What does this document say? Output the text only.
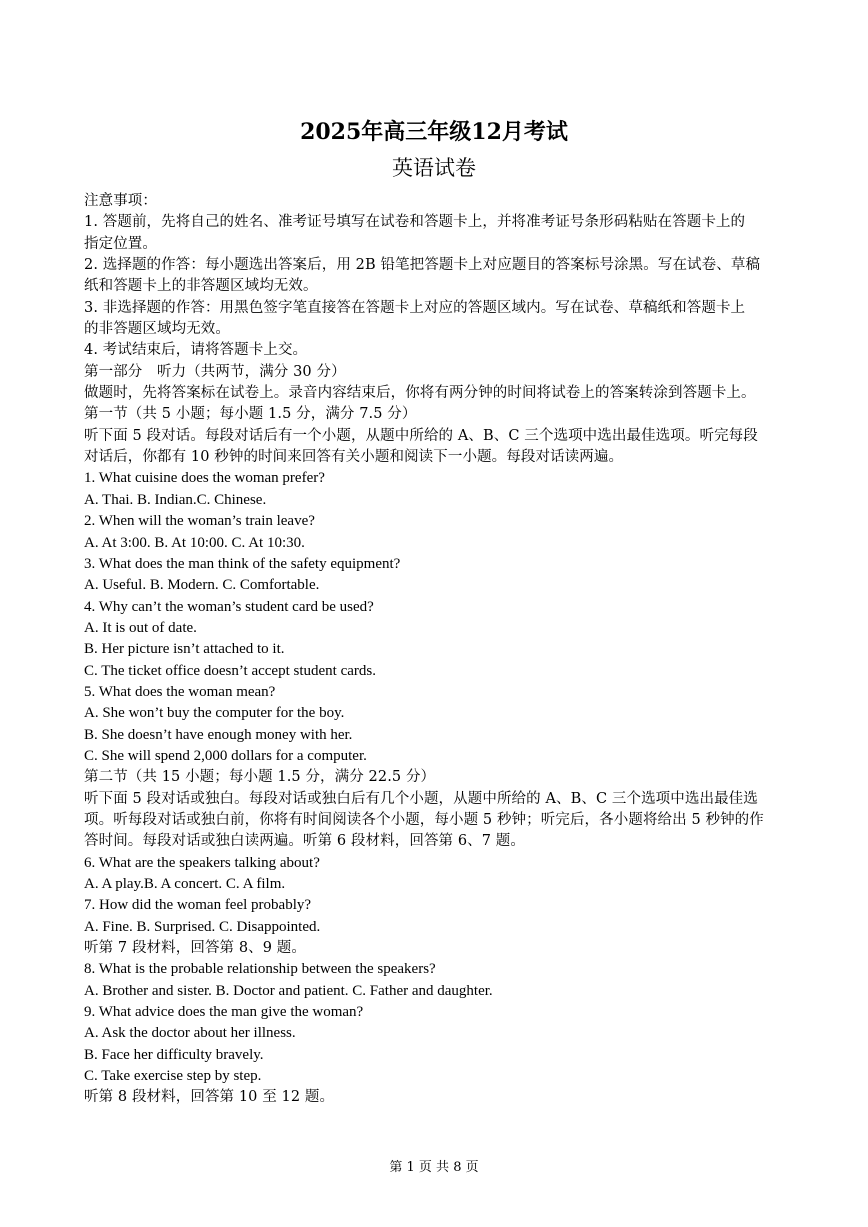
2025年高三年级12月考试
英语试卷
注意事项：
1. 答题前，先将自己的姓名、准考证号填写在试卷和答题卡上，并将准考证号条形码粘贴在答题卡上的
指定位置。
2. 选择题的作答：每小题选出答案后，用 2B 铅笔把答题卡上对应题目的答案标号涂黑。写在试卷、草稿
纸和答题卡上的非答题区域均无效。
3. 非选择题的作答：用黑色签字笔直接答在答题卡上对应的答题区域内。写在试卷、草稿纸和答题卡上
的非答题区域均无效。
4. 考试结束后，请将答题卡上交。
第一部分　听力（共两节，满分 30 分）
做题时，先将答案标在试卷上。录音内容结束后，你将有两分钟的时间将试卷上的答案转涂到答题卡上。
第一节（共 5 小题；每小题 1.5 分，满分 7.5 分）
听下面 5 段对话。每段对话后有一个小题，从题中所给的 A、B、C 三个选项中选出最佳选项。听完每段
对话后，你都有 10 秒钟的时间来回答有关小题和阅读下一小题。每段对话读两遍。
1. What cuisine does the woman prefer?
A. Thai. B. Indian.C. Chinese.
2. When will the woman’s train leave?
A. At 3:00. B. At 10:00. C. At 10:30.
3. What does the man think of the safety equipment?
A. Useful. B. Modern. C. Comfortable.
4. Why can’t the woman’s student card be used?
A. It is out of date.
B. Her picture isn’t attached to it.
C. The ticket office doesn’t accept student cards.
5. What does the woman mean?
A. She won’t buy the computer for the boy.
B. She doesn’t have enough money with her.
C. She will spend 2,000 dollars for a computer.
第二节（共 15 小题；每小题 1.5 分，满分 22.5 分）
听下面 5 段对话或独白。每段对话或独白后有几个小题，从题中所给的 A、B、C 三个选项中选出最佳选
项。听每段对话或独白前，你将有时间阅读各个小题，每小题 5 秒钟；听完后，各小题将给出 5 秒钟的作
答时间。每段对话或独白读两遍。听第 6 段材料，回答第 6、7 题。
6. What are the speakers talking about?
A. A play.B. A concert. C. A film.
7. How did the woman feel probably?
A. Fine. B. Surprised. C. Disappointed.
听第 7 段材料，回答第 8、9 题。
8. What is the probable relationship between the speakers?
A. Brother and sister. B. Doctor and patient. C. Father and daughter.
9. What advice does the man give the woman?
A. Ask the doctor about her illness.
B. Face her difficulty bravely.
C. Take exercise step by step.
听第 8 段材料，回答第 10 至 12 题。
第 1 页 共 8 页
